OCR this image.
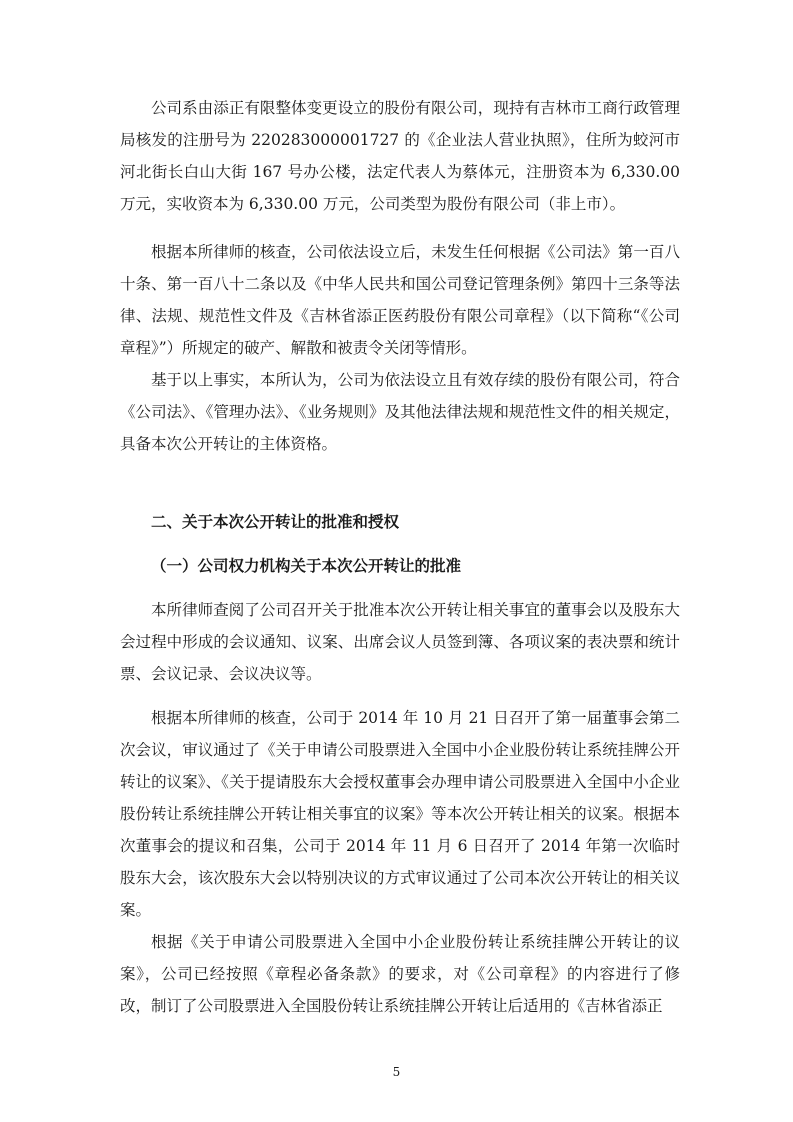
公司系由添正有限整体变更设立的股份有限公司，现持有吉林市工商行政管理局核发的注册号为 220283000001727 的《企业法人营业执照》，住所为蛟河市河北街长白山大街 167 号办公楼，法定代表人为蔡体元，注册资本为 6,330.00 万元，实收资本为 6,330.00 万元，公司类型为股份有限公司（非上市）。

根据本所律师的核查，公司依法设立后，未发生任何根据《公司法》第一百八十条、第一百八十二条以及《中华人民共和国公司登记管理条例》第四十三条等法律、法规、规范性文件及《吉林省添正医药股份有限公司章程》（以下简称“《公司章程》”）所规定的破产、解散和被责令关闭等情形。

基于以上事实，本所认为，公司为依法设立且有效存续的股份有限公司，符合《公司法》、《管理办法》、《业务规则》及其他法律法规和规范性文件的相关规定，具备本次公开转让的主体资格。

二、关于本次公开转让的批准和授权
（一）公司权力机构关于本次公开转让的批准

本所律师查阅了公司召开关于批准本次公开转让相关事宜的董事会以及股东大会过程中形成的会议通知、议案、出席会议人员签到簿、各项议案的表决票和统计票、会议记录、会议决议等。

根据本所律师的核查，公司于 2014 年 10 月 21 日召开了第一届董事会第二次会议，审议通过了《关于申请公司股票进入全国中小企业股份转让系统挂牌公开转让的议案》、《关于提请股东大会授权董事会办理申请公司股票进入全国中小企业股份转让系统挂牌公开转让相关事宜的议案》等本次公开转让相关的议案。根据本次董事会的提议和召集，公司于 2014 年 11 月 6 日召开了 2014 年第一次临时股东大会，该次股东大会以特别决议的方式审议通过了公司本次公开转让的相关议案。

根据《关于申请公司股票进入全国中小企业股份转让系统挂牌公开转让的议案》，公司已经按照《章程必备条款》的要求，对《公司章程》的内容进行了修改，制订了公司股票进入全国股份转让系统挂牌公开转让后适用的《吉林省添正

5
